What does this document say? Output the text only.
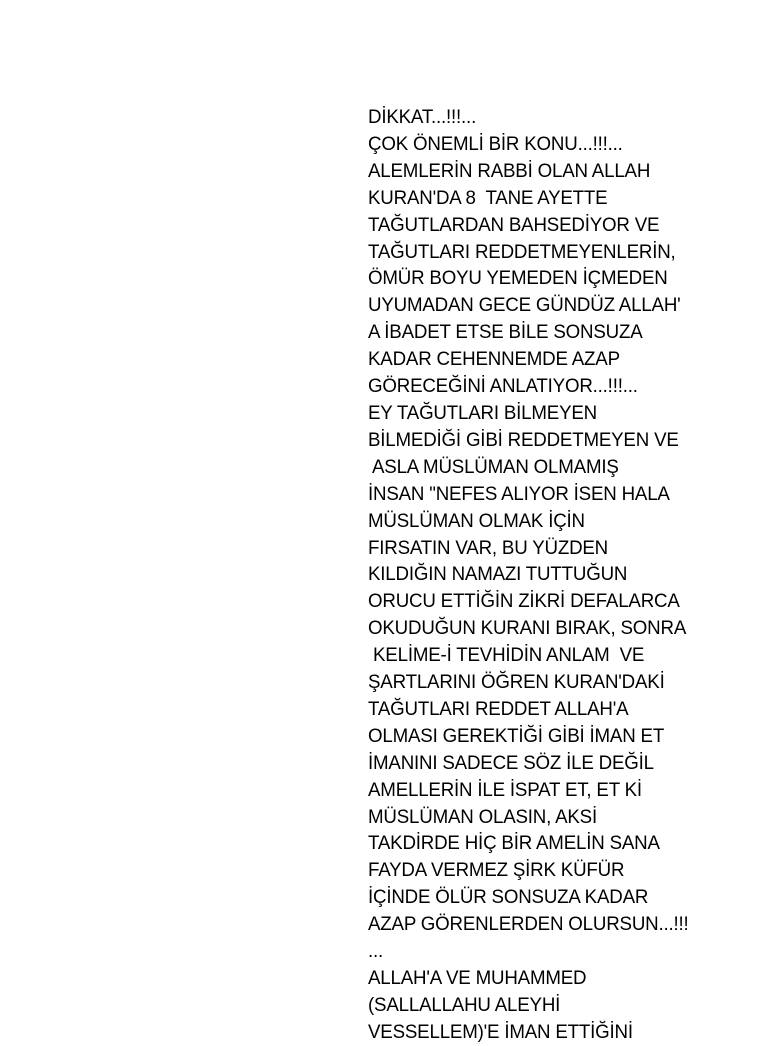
DİKKAT...!!!...
ÇOK ÖNEMLİ BİR KONU...!!!...
ALEMLERİN RABBİ OLAN ALLAH
KURAN'DA 8  TANE AYETTE
TAĞUTLARDAN BAHSEDİYOR VE
TAĞUTLARI REDDETMEYENLERİN,
ÖMÜR BOYU YEMEDEN İÇMEDEN
UYUMADAN GECE GÜNDÜZ ALLAH'
A İBADET ETSE BİLE SONSUZA
KADAR CEHENNEMDE AZAP
GÖRECEĞİNİ ANLATIYOR...!!!...
EY TAĞUTLARI BİLMEYEN
BİLMEDİĞİ GİBİ REDDETMEYEN VE
ASLA MÜSLÜMAN OLMAMIŞ
İNSAN "NEFES ALIYOR İSEN HALA
MÜSLÜMAN OLMAK İÇİN
FIRSATIN VAR, BU YÜZDEN
KILDIĞIN NAMAZI TUTTUĞUN
ORUCU ETTİĞİN ZİKRİ DEFALARCA
OKUDUĞUN KURANI BIRAK, SONRA
KELİME-İ TEVHİDİN ANLAM  VE
ŞARTLARINI ÖĞREN KURAN'DAKİ
TAĞUTLARI REDDET ALLAH'A
OLMASI GEREKTİĞİ GİBİ İMAN ET
İMANINI SADECE SÖZ İLE DEĞİL
AMELLERİN İLE İSPAT ET, ET Kİ
MÜSLÜMAN OLASIN, AKSİ
TAKDİRDE HİÇ BİR AMELİN SANA
FAYDA VERMEZ ŞİRK KÜFÜR
İÇİNDE ÖLÜR SONSUZA KADAR
AZAP GÖRENLERDEN OLURSUN...!!!
...
ALLAH'A VE MUHAMMED
(SALLALLAHU ALEYHİ
VESSELLEM)'E İMAN ETTİĞİNİ
